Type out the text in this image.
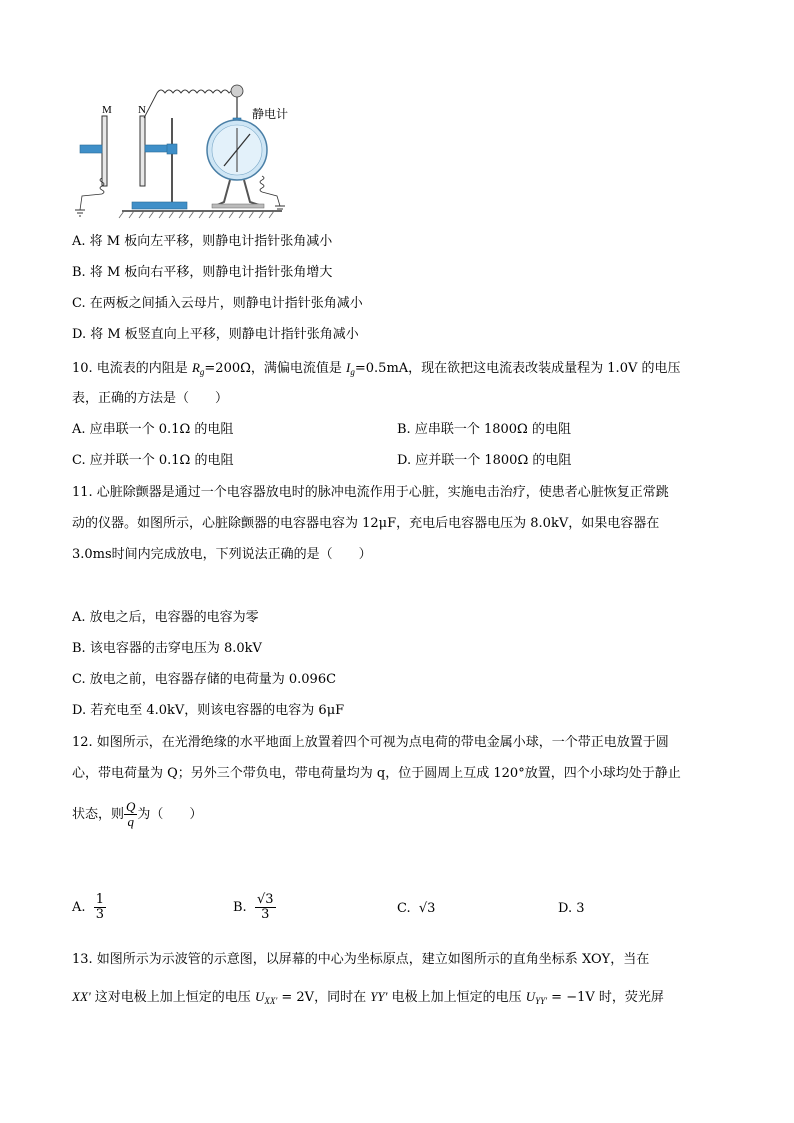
M N	静电计
A. 将 M 板向左平移，则静电计指针张角减小
B. 将 M 板向右平移，则静电计指针张角增大
C. 在两板之间插入云母片，则静电计指针张角减小
D. 将 M 板竖直向上平移，则静电计指针张角减小
10. 电流表的内阻是 $R_g=200\Omega$，满偏电流值是 $I_g=0.5mA$，现在欲把这电流表改装成量程为 1.0V 的电压
表，正确的方法是（　　）
A. 应串联一个 0.1Ω 的电阻	B. 应串联一个 1800Ω 的电阻
C. 应并联一个 0.1Ω 的电阻	D. 应并联一个 1800Ω 的电阻
11. 心脏除颤器是通过一个电容器放电时的脉冲电流作用于心脏，实施电击治疗，使患者心脏恢复正常跳
动的仪器。如图所示，心脏除颤器的电容器电容为 12μF，充电后电容器电压为 8.0kV，如果电容器在
3.0ms时间内完成放电，下列说法正确的是（　　）
A. 放电之后，电容器的电容为零
B. 该电容器的击穿电压为 8.0kV
C. 放电之前，电容器存储的电荷量为 0.096C
D. 若充电至 4.0kV，则该电容器的电容为 6μF
12. 如图所示，在光滑绝缘的水平地面上放置着四个可视为点电荷的带电金属小球，一个带正电放置于圆
心，带电荷量为 Q；另外三个带负电，带电荷量均为 q，位于圆周上互成 120°放置，四个小球均处于静止
状态，则 $\frac{Q}{q}$ 为（　　）
A. $\frac{1}{3}$	B. $\frac{√3}{3}$	C. √3	D. 3
13. 如图所示为示波管的示意图，以屏幕的中心为坐标原点，建立如图所示的直角坐标系 XOY，当在
XX' 这对电极上加上恒定的电压 $U_{XX'} = 2V$，同时在 YY' 电极上加上恒定的电压 $U_{YY'} = -1V$ 时，荧光屏
